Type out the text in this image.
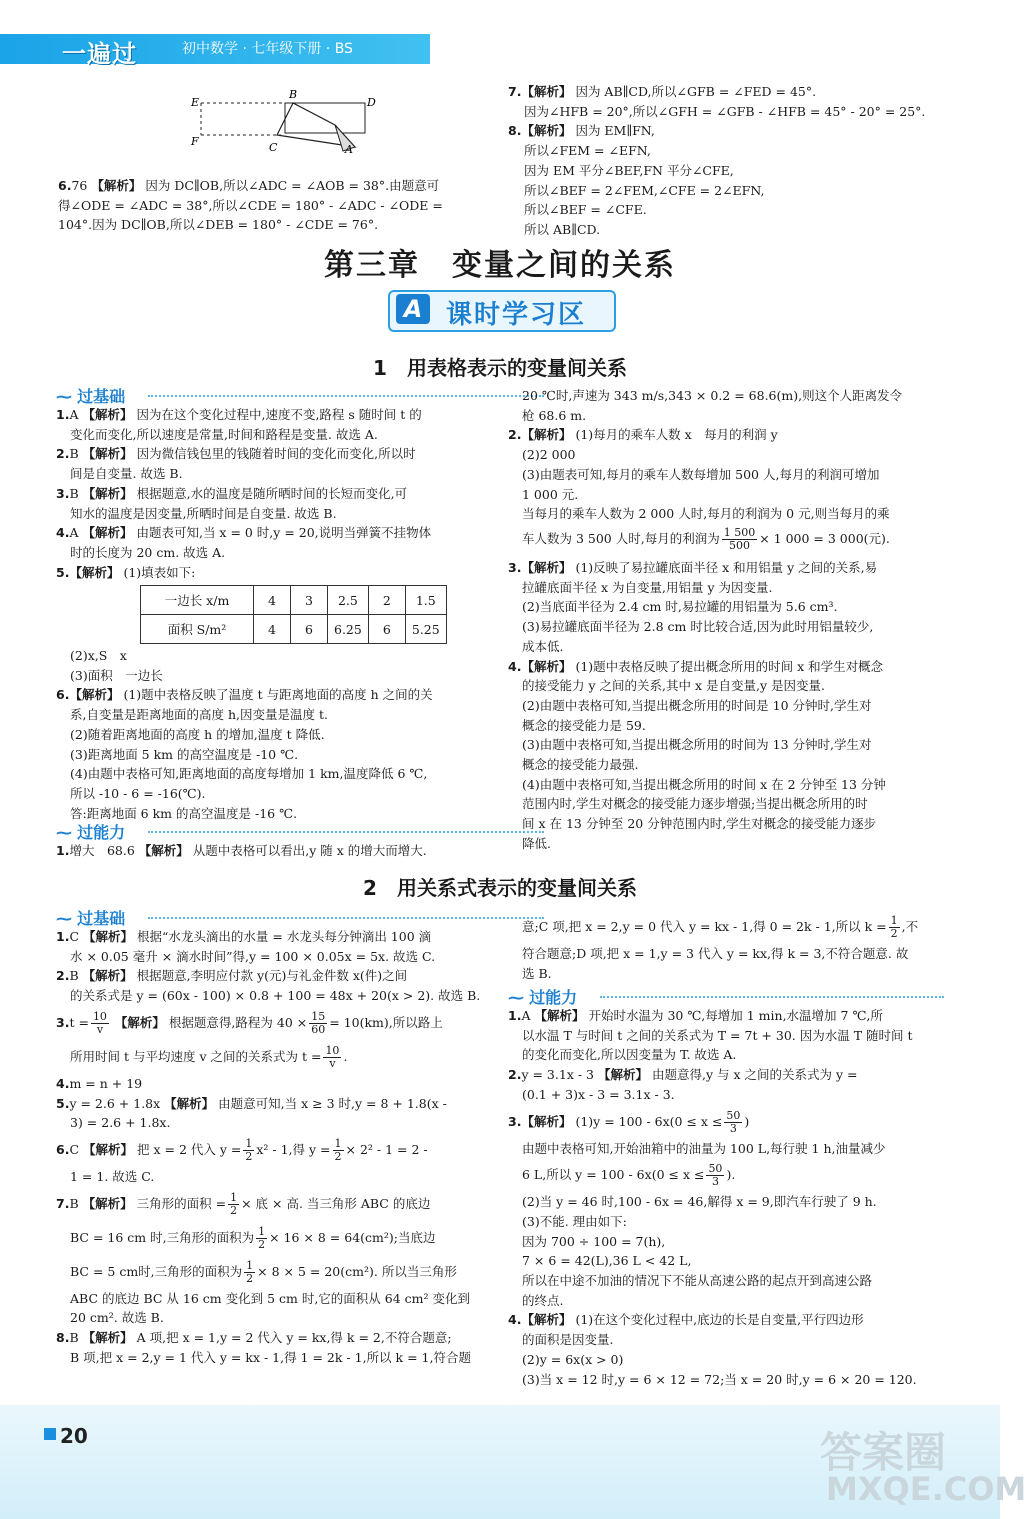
一遍过	初中数学 · 七年级下册 · BS
E
B
D
F	C	A

6.76 【解析】 因为 DC∥OB,所以∠ADC = ∠AOB = 38°.由题意可

得∠ODE = ∠ADC = 38°,所以∠CDE = 180° - ∠ADC - ∠ODE =

104°.因为 DC∥OB,所以∠DEB = 180° - ∠CDE = 76°.

7.【解析】 因为 AB∥CD,所以∠GFB = ∠FED = 45°.

因为∠HFB = 20°,所以∠GFH = ∠GFB - ∠HFB = 45° - 20° = 25°.

8.【解析】 因为 EM∥FN,

所以∠FEM = ∠EFN,

因为 EM 平分∠BEF,FN 平分∠CFE,

所以∠BEF = 2∠FEM,∠CFE = 2∠EFN,

所以∠BEF = ∠CFE.

所以 AB∥CD.

第三章　变量之间的关系
A 课时学习区
1　用表格表示的变量间关系
⁓ 过基础

1.A 【解析】 因为在这个变化过程中,速度不变,路程 s 随时间 t 的

变化而变化,所以速度是常量,时间和路程是变量. 故选 A.

2.B 【解析】 因为微信钱包里的钱随着时间的变化而变化,所以时

间是自变量. 故选 B.

3.B 【解析】 根据题意,水的温度是随所晒时间的长短而变化,可

知水的温度是因变量,所晒时间是自变量. 故选 B.

4.A 【解析】 由题表可知,当 x = 0 时,y = 20,说明当弹簧不挂物体

时的长度为 20 cm. 故选 A.

5.【解析】 (1)填表如下:

一边长 x/m	4	3	2.5	2	1.5
面积 S/m²	4	6	6.25	6	5.25

(2)x,S　x

(3)面积　一边长

6.【解析】 (1)题中表格反映了温度 t 与距离地面的高度 h 之间的关

系,自变量是距离地面的高度 h,因变量是温度 t.

(2)随着距离地面的高度 h 的增加,温度 t 降低.

(3)距离地面 5 km 的高空温度是 -10 ℃.

(4)由题中表格可知,距离地面的高度每增加 1 km,温度降低 6 ℃,

所以 -10 - 6 = -16(℃).

答:距离地面 6 km 的高空温度是 -16 ℃.

⁓ 过能力

1.增大　68.6 【解析】 从题中表格可以看出,y 随 x 的增大而增大.

20 ℃时,声速为 343 m/s,343 × 0.2 = 68.6(m),则这个人距离发令

枪 68.6 m.

2.【解析】 (1)每月的乘车人数 x　每月的利润 y

(2)2 000

(3)由题表可知,每月的乘车人数每增加 500 人,每月的利润可增加

1 000 元.

当每月的乘车人数为 2 000 人时,每月的利润为 0 元,则当每月的乘

车人数为 3 500 人时,每月的利润为 $\frac{1 500}{500} \times 1$ 000 = 3 000(元).

3.【解析】 (1)反映了易拉罐底面半径 x 和用铝量 y 之间的关系,易

拉罐底面半径 x 为自变量,用铝量 y 为因变量.

(2)当底面半径为 2.4 cm 时,易拉罐的用铝量为 5.6 cm³.

(3)易拉罐底面半径为 2.8 cm 时比较合适,因为此时用铝量较少,

成本低.

4.【解析】 (1)题中表格反映了提出概念所用的时间 x 和学生对概念

的接受能力 y 之间的关系,其中 x 是自变量,y 是因变量.

(2)由题中表格可知,当提出概念所用的时间是 10 分钟时,学生对

概念的接受能力是 59.

(3)由题中表格可知,当提出概念所用的时间为 13 分钟时,学生对

概念的接受能力最强.

(4)由题中表格可知,当提出概念所用的时间 x 在 2 分钟至 13 分钟

范围内时,学生对概念的接受能力逐步增强;当提出概念所用的时

间 x 在 13 分钟至 20 分钟范围内时,学生对概念的接受能力逐步

降低.

2　用关系式表示的变量间关系
⁓ 过基础

1.C 【解析】 根据“水龙头滴出的水量 = 水龙头每分钟滴出 100 滴

水 × 0.05 毫升 × 滴水时间”得,y = 100 × 0.05x = 5x. 故选 C.

2.B 【解析】 根据题意,李明应付款 y(元)与礼金件数 x(件)之间

的关系式是 y = (60x - 100) × 0.8 + 100 = 48x + 20(x > 2). 故选 B.

$3.t = \frac{10}{v}$ 【解析】 根据题意得,路程为 $40 \times \frac{15}{60} = 10(km)$,所以路上

所用时间 t 与平均速度 v 之间的关系式为 $t = \frac{10}{v}$ .

4.m = n + 19

5.y = 2.6 + 1.8x 【解析】 由题意可知,当 x ≥ 3 时,y = 8 + 1.8(x -

3) = 2.6 + 1.8x.

6.C 【解析】 把 x = 2 代入 $y = \frac{1}{2} x^2 - 1$,得 $y = \frac{1}{2} \times 2^2 - 1 = 2$ -

1 = 1. 故选 C.

7.B 【解析】 三角形的面积 = $\frac{1}{2}$ × 底 × 高. 当三角形 ABC 的底边

BC = 16 cm 时,三角形的面积为 $\frac{1}{2} \times 16 \times 8 = 64(cm^2)$;当底边

BC = 5 cm时,三角形的面积为 $\frac{1}{2} \times 8 \times 5 = 20(cm^2)$. 所以当三角形

ABC 的底边 BC 从 16 cm 变化到 5 cm 时,它的面积从 64 cm² 变化到

20 cm². 故选 B.

8.B 【解析】 A 项,把 x = 1,y = 2 代入 y = kx,得 k = 2,不符合题意;

B 项,把 x = 2,y = 1 代入 y = kx - 1,得 1 = 2k - 1,所以 k = 1,符合题

意;C 项,把 x = 2,y = 0 代入 y = kx - 1,得 0 = 2k - 1,所以 $k = \frac{1}{2}$ ,不

符合题意;D 项,把 x = 1,y = 3 代入 y = kx,得 k = 3,不符合题意. 故

选 B.

⁓ 过能力

1.A 【解析】 开始时水温为 30 ℃,每增加 1 min,水温增加 7 ℃,所

以水温 T 与时间 t 之间的关系式为 T = 7t + 30. 因为水温 T 随时间 t

的变化而变化,所以因变量为 T. 故选 A.

2.y = 3.1x - 3 【解析】 由题意得,y 与 x 之间的关系式为 y =

(0.1 + 3)x - 3 = 3.1x - 3.

3.【解析】 $(1)y = 100 - 6x(0 \le x \le \frac{50}{3}$ )

由题中表格可知,开始油箱中的油量为 100 L,每行驶 1 h,油量减少

6 L,所以 $y = 100 - 6x(0 \le x \le \frac{50}{3}$ ).

(2)当 y = 46 时,100 - 6x = 46,解得 x = 9,即汽车行驶了 9 h.

(3)不能. 理由如下:

因为 700 ÷ 100 = 7(h),

7 × 6 = 42(L),36 L < 42 L,

所以在中途不加油的情况下不能从高速公路的起点开到高速公路

的终点.

4.【解析】 (1)在这个变化过程中,底边的长是自变量,平行四边形

的面积是因变量.

(2)y = 6x(x > 0)

(3)当 x = 12 时,y = 6 × 12 = 72;当 x = 20 时,y = 6 × 20 = 120.

20	答案圈
MXQE.COM
